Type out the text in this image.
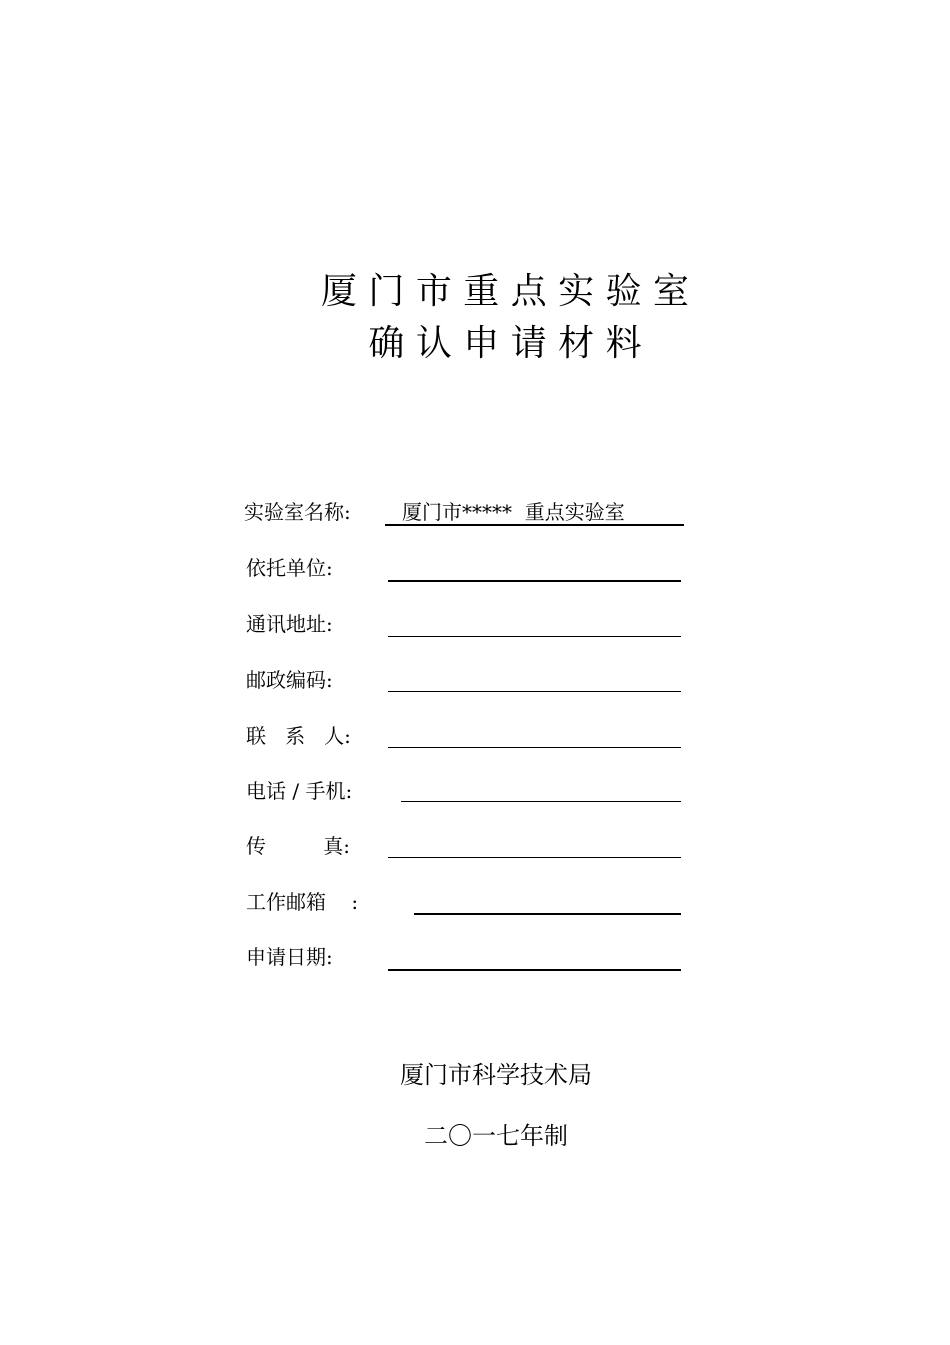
厦 门 市 重 点 实 验 室
确 认 申 请 材 料
实验室名称:	厦门市*****  重点实验室
依托单位:
通讯地址:
邮政编码:
联   系   人:
电话 / 手机:
传         真:
工作邮箱    :
申请日期:
厦门市科学技术局
二〇一七年制
